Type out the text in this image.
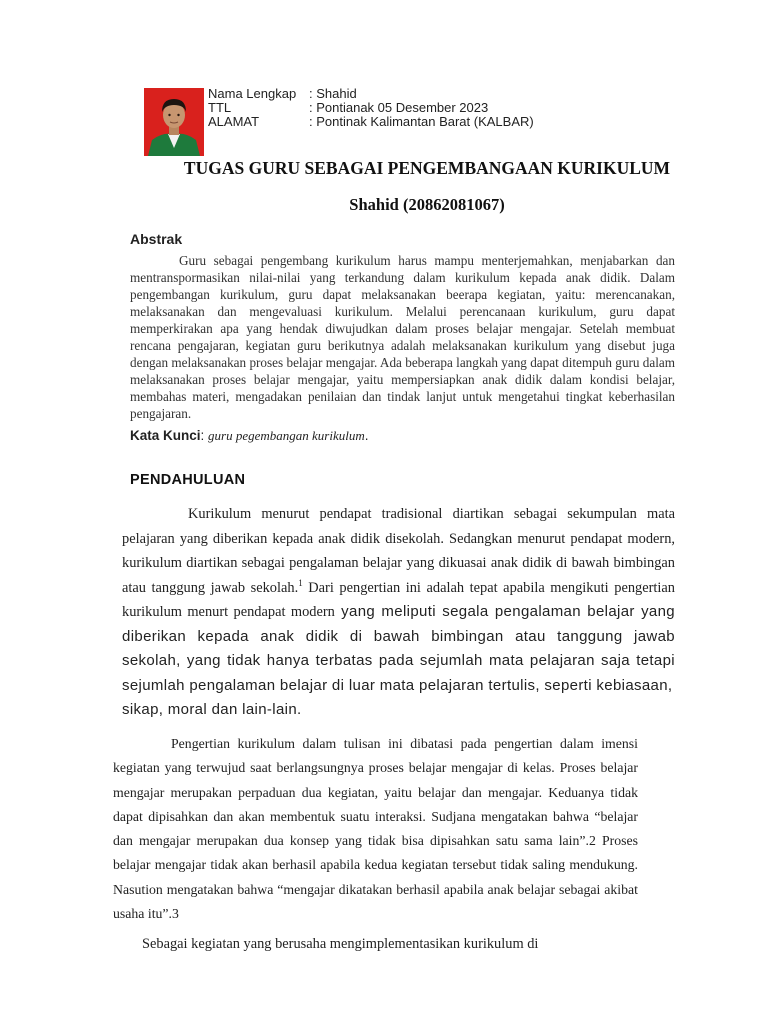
Nama Lengkap : Shahid
TTL	: Pontianak 05 Desember 2023
ALAMAT	: Pontinak Kalimantan Barat (KALBAR)
TUGAS GURU SEBAGAI PENGEMBANGAAN KURIKULUM
Shahid (20862081067)
Abstrak
Guru sebagai pengembang kurikulum harus mampu menterjemahkan, menjabarkan dan mentranspormasikan nilai-nilai yang terkandung dalam kurikulum kepada anak didik. Dalam pengembangan kurikulum, guru dapat melaksanakan beerapa kegiatan, yaitu: merencanakan, melaksanakan dan mengevaluasi kurikulum. Melalui perencanaan kurikulum, guru dapat memperkirakan apa yang hendak diwujudkan dalam proses belajar mengajar. Setelah membuat rencana pengajaran, kegiatan guru berikutnya adalah melaksanakan kurikulum yang disebut juga dengan melaksanakan proses belajar mengajar. Ada beberapa langkah yang dapat ditempuh guru dalam melaksanakan proses belajar mengajar, yaitu mempersiapkan anak didik dalam kondisi belajar, membahas materi, mengadakan penilaian dan tindak lanjut untuk mengetahui tingkat keberhasilan pengajaran.
Kata Kunci: guru pegembangan kurikulum.
PENDAHULUAN
Kurikulum menurut pendapat tradisional diartikan sebagai sekumpulan mata pelajaran yang diberikan kepada anak didik disekolah. Sedangkan menurut pendapat modern, kurikulum diartikan sebagai pengalaman belajar yang dikuasai anak didik di bawah bimbingan atau tanggung jawab sekolah.$^1$ Dari pengertian ini adalah tepat apabila mengikuti pengertian kurikulum menurt pendapat modern yang meliputi segala pengalaman belajar yang diberikan kepada anak didik di bawah bimbingan atau tanggung jawab sekolah, yang tidak hanya terbatas pada sejumlah mata pelajaran saja tetapi sejumlah pengalaman belajar di luar mata pelajaran tertulis, seperti kebiasaan,
sikap, moral dan lain-lain.
Pengertian kurikulum dalam tulisan ini dibatasi pada pengertian dalam imensi kegiatan yang terwujud saat berlangsungnya proses belajar mengajar di kelas. Proses belajar mengajar merupakan perpaduan dua kegiatan, yaitu belajar dan mengajar. Keduanya tidak dapat dipisahkan dan akan membentuk suatu interaksi. Sudjana mengatakan bahwa “belajar dan mengajar merupakan dua konsep yang tidak bisa dipisahkan satu sama lain”.2 Proses belajar mengajar tidak akan berhasil apabila kedua kegiatan tersebut tidak saling mendukung. Nasution mengatakan bahwa “mengajar dikatakan berhasil apabila anak belajar sebagai akibat usaha itu”.3
Sebagai kegiatan yang berusaha mengimplementasikan kurikulum di
